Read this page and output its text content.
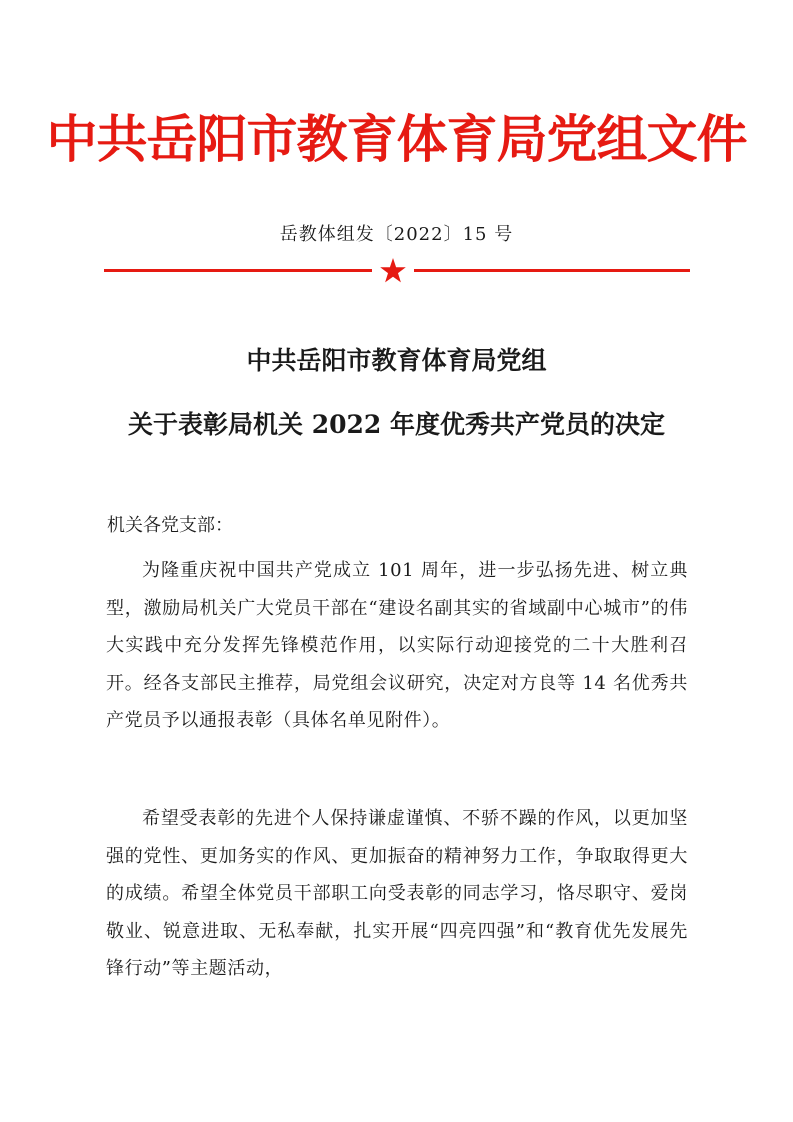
中共岳阳市教育体育局党组文件
岳教体组发〔2022〕15 号
中共岳阳市教育体育局党组
关于表彰局机关 2022 年度优秀共产党员的决定
机关各党支部：

为隆重庆祝中国共产党成立 101 周年，进一步弘扬先进、树立典型，激励局机关广大党员干部在“建设名副其实的省域副中心城市”的伟大实践中充分发挥先锋模范作用，以实际行动迎接党的二十大胜利召开。经各支部民主推荐，局党组会议研究，决定对方良等 14 名优秀共产党员予以通报表彰（具体名单见附件）。

希望受表彰的先进个人保持谦虚谨慎、不骄不躁的作风，以更加坚强的党性、更加务实的作风、更加振奋的精神努力工作，争取取得更大的成绩。希望全体党员干部职工向受表彰的同志学习，恪尽职守、爱岗敬业、锐意进取、无私奉献，扎实开展“四亮四强”和“教育优先发展先锋行动”等主题活动，
